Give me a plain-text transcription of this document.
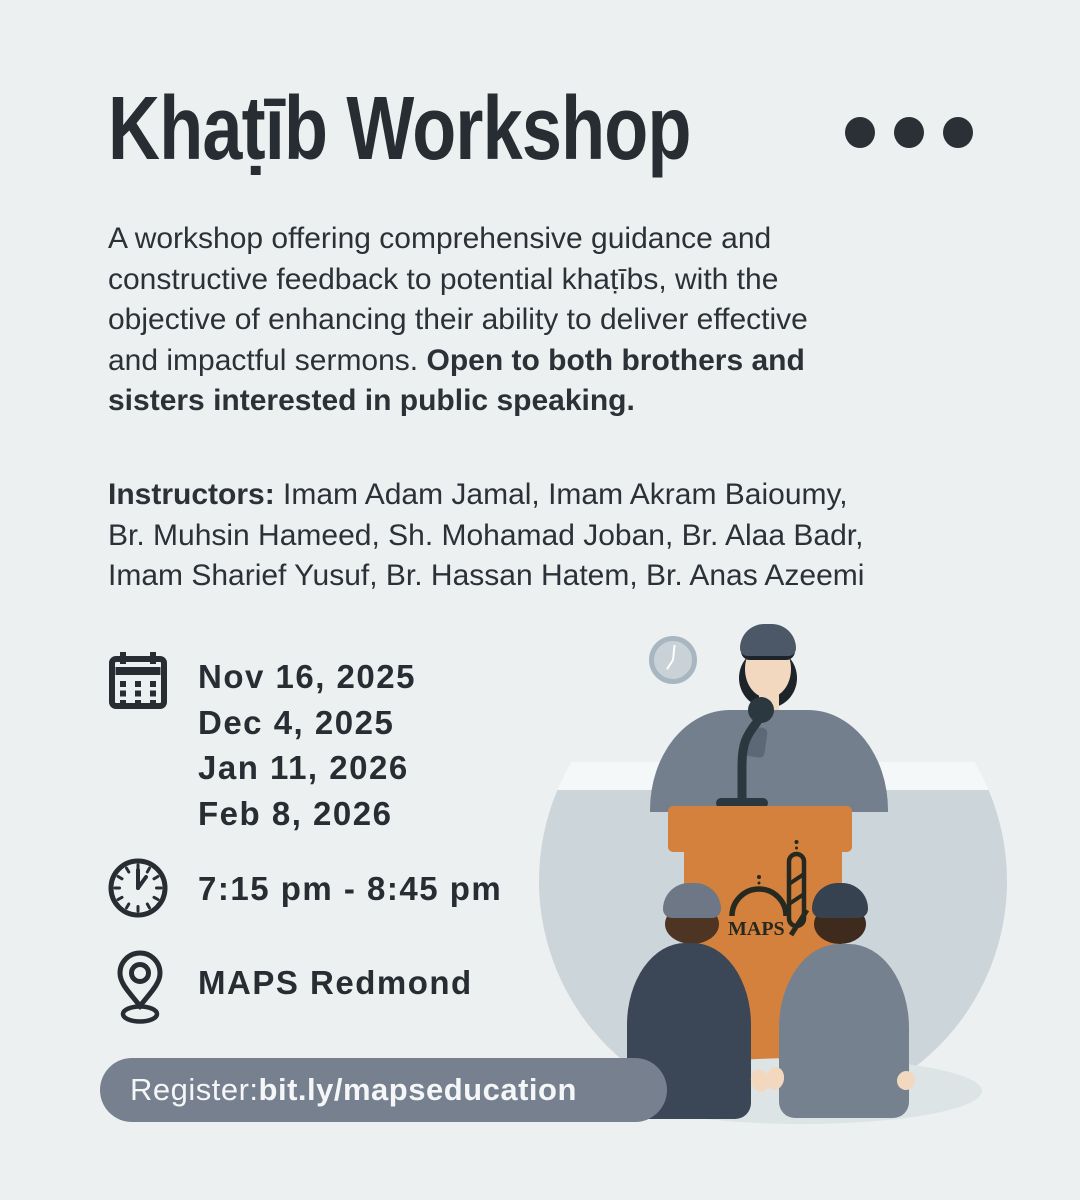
Khaṭīb Workshop
A workshop offering comprehensive guidance and
constructive feedback to potential khaṭībs, with the
objective of enhancing their ability to deliver effective
and impactful sermons. Open to both brothers and
sisters interested in public speaking.
Instructors: Imam Adam Jamal, Imam Akram Baioumy,
Br. Muhsin Hameed, Sh. Mohamad Joban, Br. Alaa Badr,
Imam Sharief Yusuf, Br. Hassan Hatem, Br. Anas Azeemi
Nov 16, 2025
Dec 4, 2025
Jan 11, 2026
Feb 8, 2026
7:15 pm - 8:45 pm
MAPS Redmond
MAPS
Register: bit.ly/mapseducation
